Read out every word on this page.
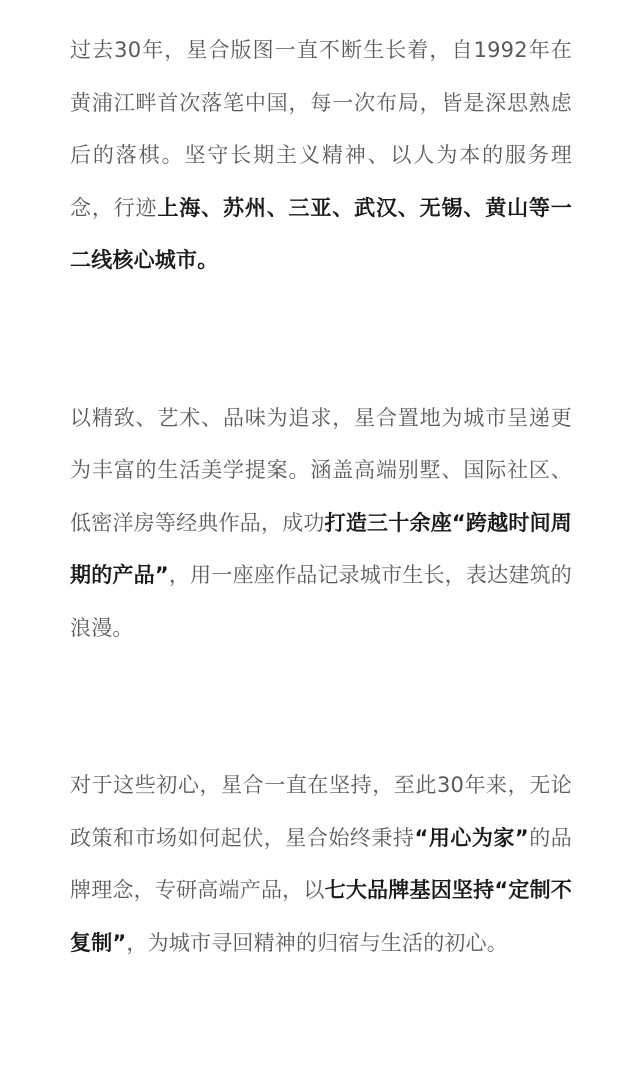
过去30年，星合版图一直不断生长着，自1992年在黄浦江畔首次落笔中国，每一次布局，皆是深思熟虑后的落棋。坚守长期主义精神、以人为本的服务理念，行迹上海、苏州、三亚、武汉、无锡、黄山等一二线核心城市。

以精致、艺术、品味为追求，星合置地为城市呈递更为丰富的生活美学提案。涵盖高端别墅、国际社区、低密洋房等经典作品，成功打造三十余座“跨越时间周期的产品”，用一座座作品记录城市生长，表达建筑的浪漫。

对于这些初心，星合一直在坚持，至此30年来，无论政策和市场如何起伏，星合始终秉持“用心为家”的品牌理念，专研高端产品，以七大品牌基因坚持“定制不复制”，为城市寻回精神的归宿与生活的初心。
